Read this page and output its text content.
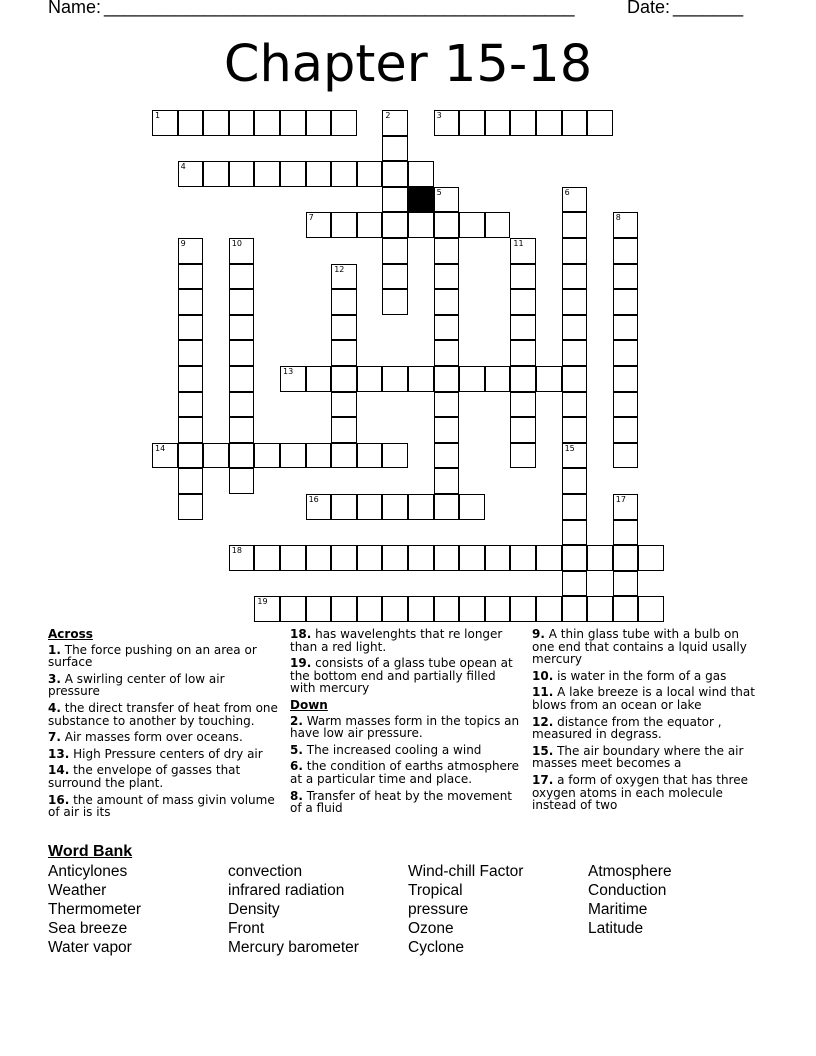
Name: _______________________________________________	Date: _______
Chapter 15-18
1	3
4
7
13
14
16
18
19
2
5	6
15
8
9	10	11
12
17
Across
1. The force pushing on an area or surface
3. A swirling center of low air pressure
4. the direct transfer of heat from one substance to another by touching.
7. Air masses form over oceans.
13. High Pressure centers of dry air
14. the envelope of gasses that surround the plant.
16. the amount of mass givin volume of air is its
18. has wavelenghts that re longer than a red light.
19. consists of a glass tube opean at the bottom end and partially filled with mercury
Down
2. Warm masses form in the topics an have low air pressure.
5. The increased cooling a wind
6. the condition of earths atmosphere at a particular time and place.
8. Transfer of heat by the movement of a fluid
9. A thin glass tube with a bulb on one end that contains a lquid usally mercury
10. is water in the form of a gas
11. A lake breeze is a local wind that blows from an ocean or lake
12. distance from the equator , measured in degrass.
15. The air boundary where the air masses meet becomes a
17. a form of oxygen that has three oxygen atoms in each molecule instead of two
Word Bank
Anticylones	convection	Wind-chill Factor	Atmosphere
Weather	infrared radiation	Tropical	Conduction
Thermometer	Density	pressure	Maritime
Sea breeze	Front	Ozone	Latitude
Water vapor	Mercury barometer	Cyclone
